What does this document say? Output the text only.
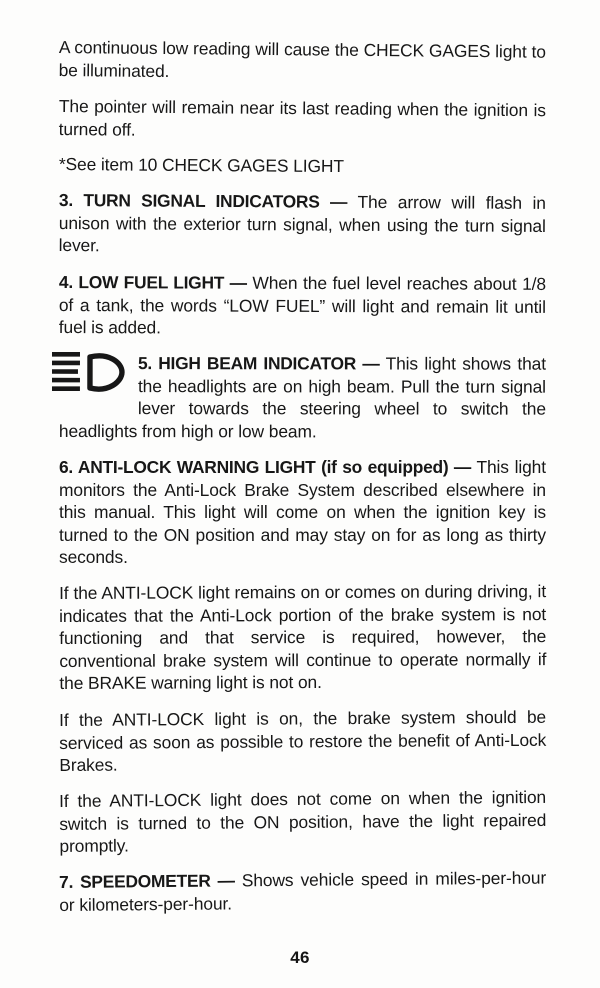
A continuous low reading will cause the CHECK GAGES light to be illuminated.

The pointer will remain near its last reading when the ignition is turned off.

*See item 10 CHECK GAGES LIGHT

3. TURN SIGNAL INDICATORS — The arrow will flash in unison with the exterior turn signal, when using the turn signal lever.

4. LOW FUEL LIGHT — When the fuel level reaches about 1/8 of a tank, the words “LOW FUEL” will light and remain lit until fuel is added.

5. HIGH BEAM INDICATOR — This light shows that the headlights are on high beam. Pull the turn signal lever towards the steering wheel to switch the headlights from high or low beam.

6. ANTI-LOCK WARNING LIGHT (if so equipped) — This light monitors the Anti-Lock Brake System described elsewhere in this manual. This light will come on when the ignition key is turned to the ON position and may stay on for as long as thirty seconds.

If the ANTI-LOCK light remains on or comes on during driving, it indicates that the Anti-Lock portion of the brake system is not functioning and that service is required, however, the conventional brake system will continue to operate normally if the BRAKE warning light is not on.

If the ANTI-LOCK light is on, the brake system should be serviced as soon as possible to restore the benefit of Anti-Lock Brakes.

If the ANTI-LOCK light does not come on when the ignition switch is turned to the ON position, have the light repaired promptly.

7. SPEEDOMETER — Shows vehicle speed in miles-per-hour or kilometers-per-hour.

46
